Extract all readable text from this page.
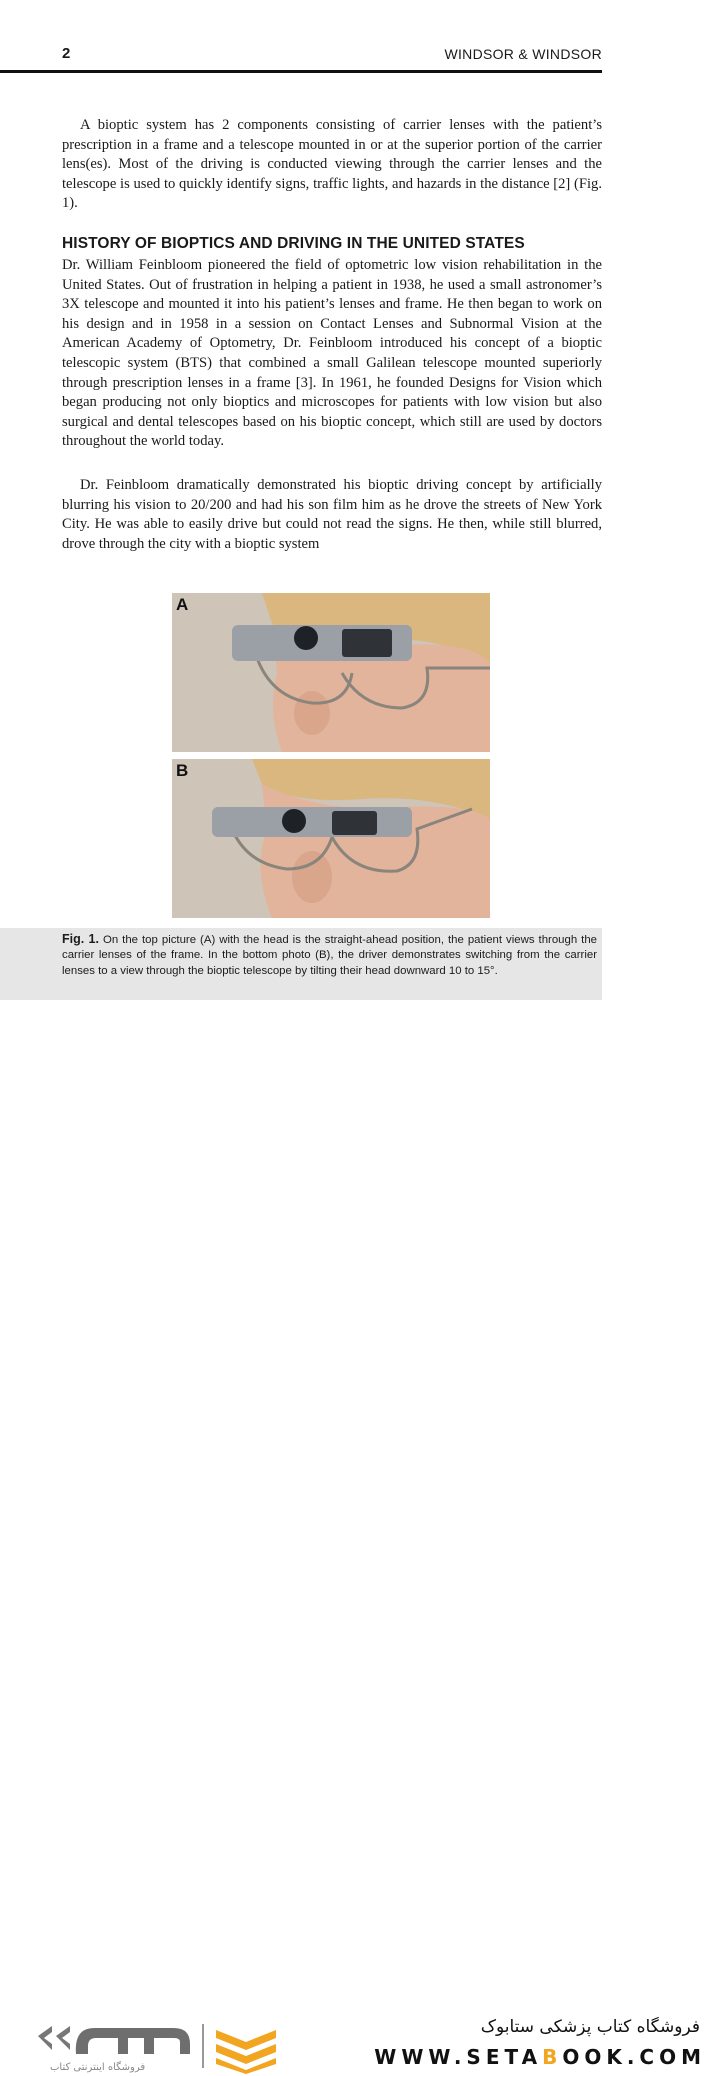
2	WINDSOR & WINDSOR

A bioptic system has 2 components consisting of carrier lenses with the patient’s prescription in a frame and a telescope mounted in or at the superior portion of the carrier lens(es). Most of the driving is conducted viewing through the carrier lenses and the telescope is used to quickly identify signs, traffic lights, and hazards in the distance [2] (Fig. 1).

HISTORY OF BIOPTICS AND DRIVING IN THE UNITED STATES

Dr. William Feinbloom pioneered the field of optometric low vision rehabilitation in the United States. Out of frustration in helping a patient in 1938, he used a small astronomer’s 3X telescope and mounted it into his patient’s lenses and frame. He then began to work on his design and in 1958 in a session on Contact Lenses and Subnormal Vision at the American Academy of Optometry, Dr. Feinbloom introduced his concept of a bioptic telescopic system (BTS) that combined a small Galilean telescope mounted superiorly through prescription lenses in a frame [3]. In 1961, he founded Designs for Vision which began producing not only bioptics and microscopes for patients with low vision but also surgical and dental telescopes based on his bioptic concept, which still are used by doctors throughout the world today.

Dr. Feinbloom dramatically demonstrated his bioptic driving concept by artificially blurring his vision to 20/200 and had his son film him as he drove the streets of New York City. He was able to easily drive but could not read the signs. He then, while still blurred, drove through the city with a bioptic system

A
B

Fig. 1. On the top picture (A) with the head is the straight-ahead position, the patient views through the carrier lenses of the frame. In the bottom photo (B), the driver demonstrates switching from the carrier lenses to a view through the bioptic telescope by tilting their head downward 10 to 15°.

فروشگاه اینترنتی کتاب
فروشگاه کتاب پزشکی ستابوک
WWW.SETABOOK.COM
